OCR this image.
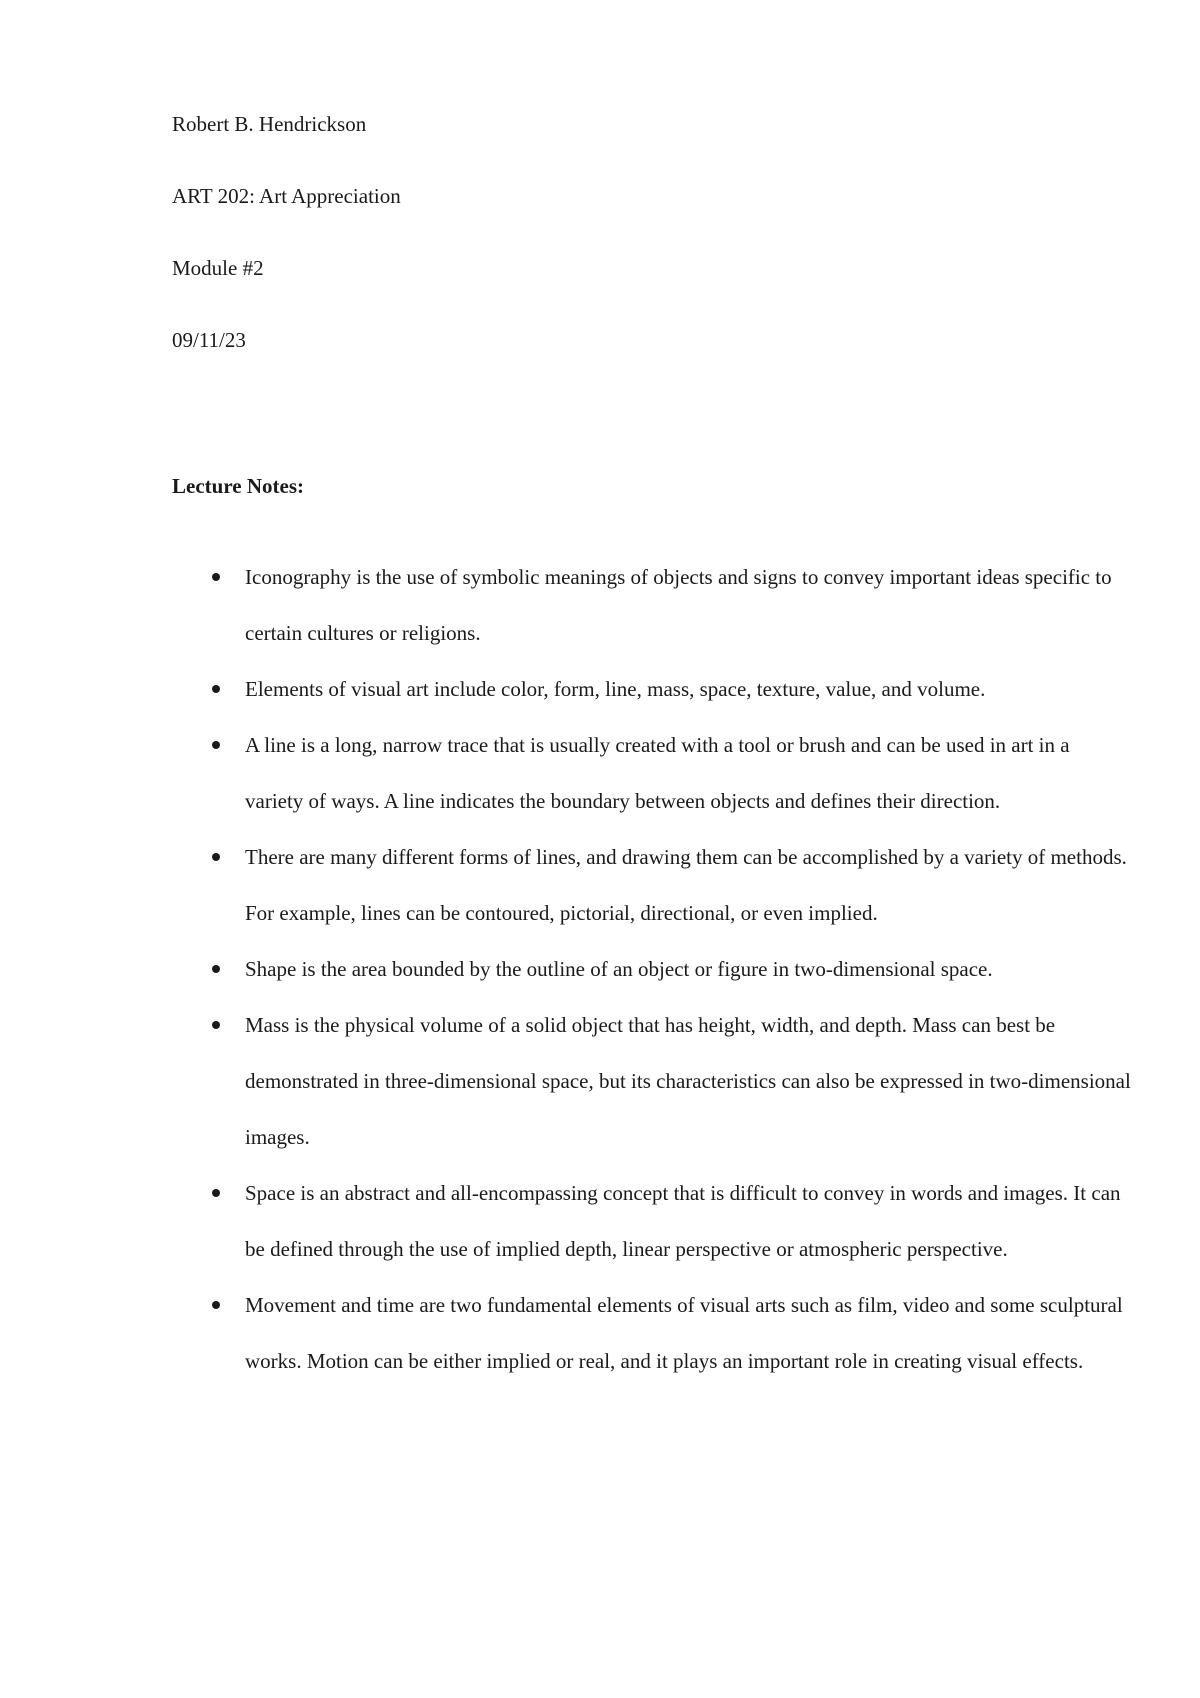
Robert B. Hendrickson

ART 202: Art Appreciation

Module #2

09/11/23

Lecture Notes:

Iconography is the use of symbolic meanings of objects and signs to convey important ideas specific to certain cultures or religions.
Elements of visual art include color, form, line, mass, space, texture, value, and volume.
A line is a long, narrow trace that is usually created with a tool or brush and can be used in art in a variety of ways. A line indicates the boundary between objects and defines their direction.
There are many different forms of lines, and drawing them can be accomplished by a variety of methods. For example, lines can be contoured, pictorial, directional, or even implied.
Shape is the area bounded by the outline of an object or figure in two-dimensional space.
Mass is the physical volume of a solid object that has height, width, and depth. Mass can best be demonstrated in three-dimensional space, but its characteristics can also be expressed in two-dimensional images.
Space is an abstract and all-encompassing concept that is difficult to convey in words and images. It can be defined through the use of implied depth, linear perspective or atmospheric perspective.
Movement and time are two fundamental elements of visual arts such as film, video and some sculptural works. Motion can be either implied or real, and it plays an important role in creating visual effects.
